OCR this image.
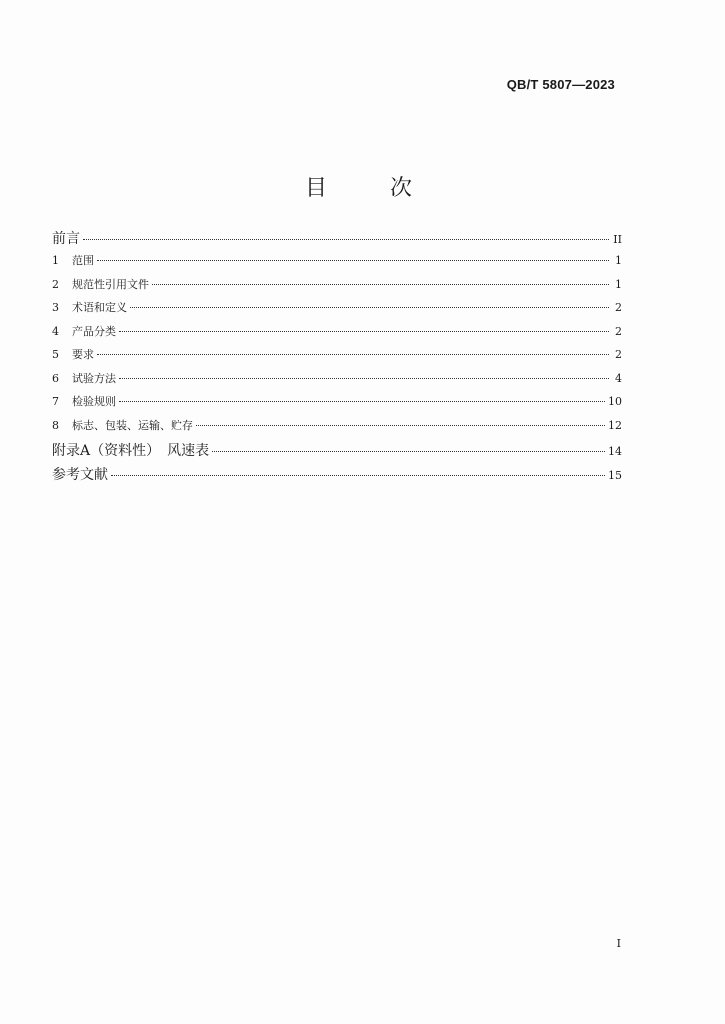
QB/T 5807—2023
目 次
前言	II
1	范围	1
2	规范性引用文件	1
3	术语和定义	2
4	产品分类	2
5	要求	2
6	试验方法	4
7	检验规则	10
8	标志、包装、运输、贮存	12
附录A（资料性）　风速表	14
参考文献	15
I
